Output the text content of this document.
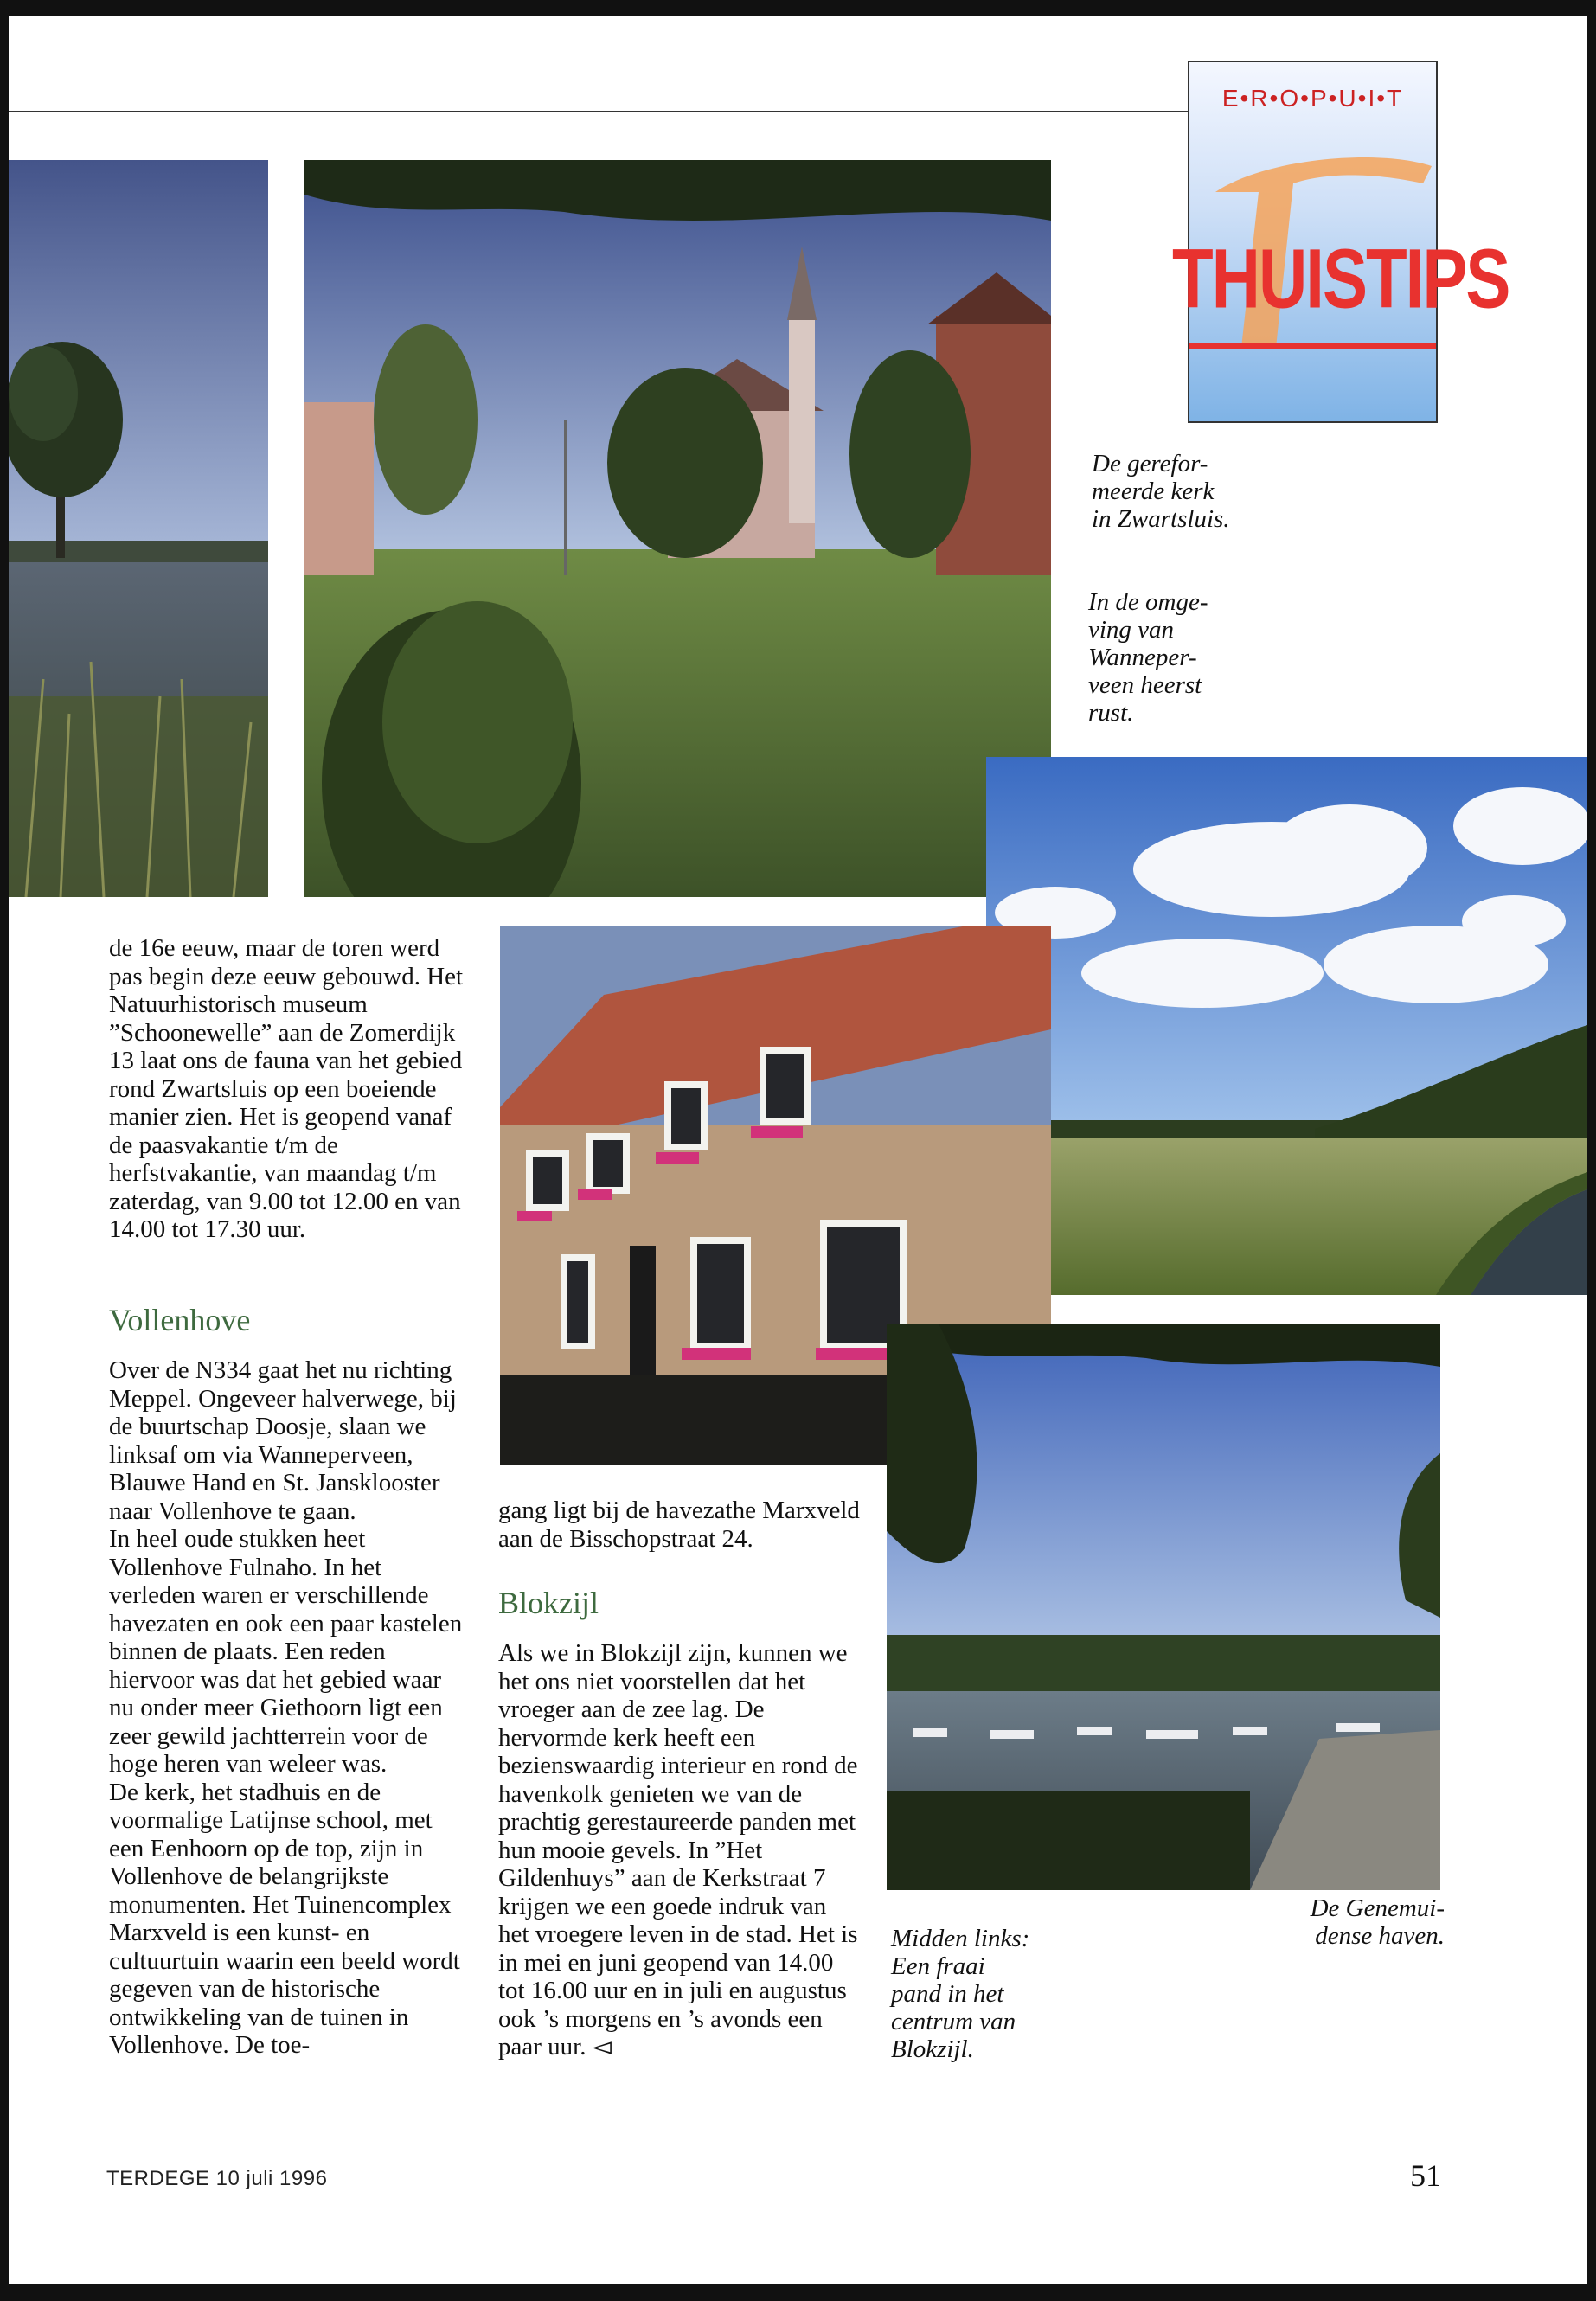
E•R•O•P•U•I•T
THUISTIPS
De gerefor-
meerde kerk
in Zwartsluis.
In de omge-
ving van
Wanneper-
veen heerst
rust.
Midden links:
Een fraai
pand in het
centrum van
Blokzijl.
De Genemui-
dense haven.

de 16e eeuw, maar de toren werd pas begin deze eeuw gebouwd. Het Natuurhistorisch museum ”Schoonewelle” aan de Zomerdijk 13 laat ons de fauna van het gebied rond Zwartsluis op een boeiende manier zien. Het is geopend vanaf de paasvakantie t/m de herfstvakantie, van maandag t/m zaterdag, van 9.00 tot 12.00 en van 14.00 tot 17.30 uur.

Vollenhove

Over de N334 gaat het nu richting Meppel. Ongeveer halverwege, bij de buurtschap Doosje, slaan we linksaf om via Wanneperveen, Blauwe Hand en St. Jansklooster naar Vollenhove te gaan.

In heel oude stukken heet Vollenhove Fulnaho. In het verleden waren er verschillende havezaten en ook een paar kastelen binnen de plaats. Een reden hiervoor was dat het gebied waar nu onder meer Giethoorn ligt een zeer gewild jachtterrein voor de hoge heren van weleer was.

De kerk, het stadhuis en de voormalige Latijnse school, met een Eenhoorn op de top, zijn in Vollenhove de belangrijkste monumenten. Het Tuinencomplex Marxveld is een kunst- en cultuurtuin waarin een beeld wordt gegeven van de historische ontwikkeling van de tuinen in Vollenhove. De toe-

gang ligt bij de havezathe Marxveld aan de Bisschopstraat 24.

Blokzijl

Als we in Blokzijl zijn, kunnen we het ons niet voorstellen dat het vroeger aan de zee lag. De hervormde kerk heeft een bezienswaardig interieur en rond de havenkolk genieten we van de prachtig gerestaureerde panden met hun mooie gevels. In ”Het Gildenhuys” aan de Kerkstraat 7 krijgen we een goede indruk van het vroegere leven in de stad. Het is in mei en juni geopend van 14.00 tot 16.00 uur en in juli en augustus ook ’s morgens en ’s avonds een paar uur. ◅

TERDEGE 10 juli 1996	51
